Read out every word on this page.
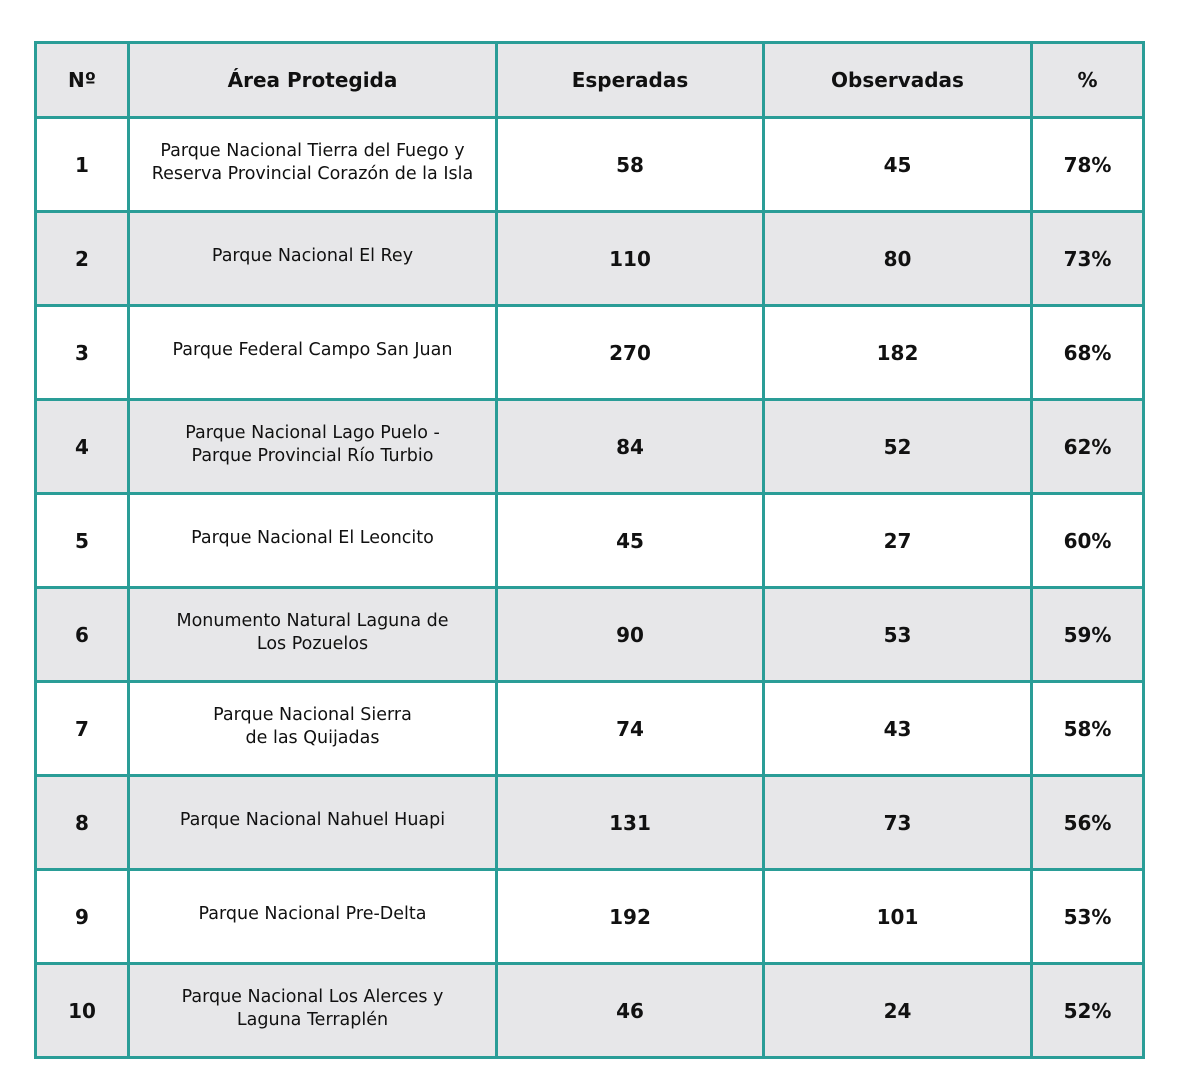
Nº	Área Protegida	Esperadas	Observadas	%
1	Parque Nacional Tierra del Fuego y
Reserva Provincial Corazón de la Isla	58	45	78%
2	Parque Nacional El Rey	110	80	73%
3	Parque Federal Campo San Juan	270	182	68%
4	Parque Nacional Lago Puelo -
Parque Provincial Río Turbio	84	52	62%
5	Parque Nacional El Leoncito	45	27	60%
6	Monumento Natural Laguna de
Los Pozuelos	90	53	59%
7	Parque Nacional Sierra
de las Quijadas	74	43	58%
8	Parque Nacional Nahuel Huapi	131	73	56%
9	Parque Nacional Pre-Delta	192	101	53%
10	Parque Nacional Los Alerces y
Laguna Terraplén	46	24	52%
